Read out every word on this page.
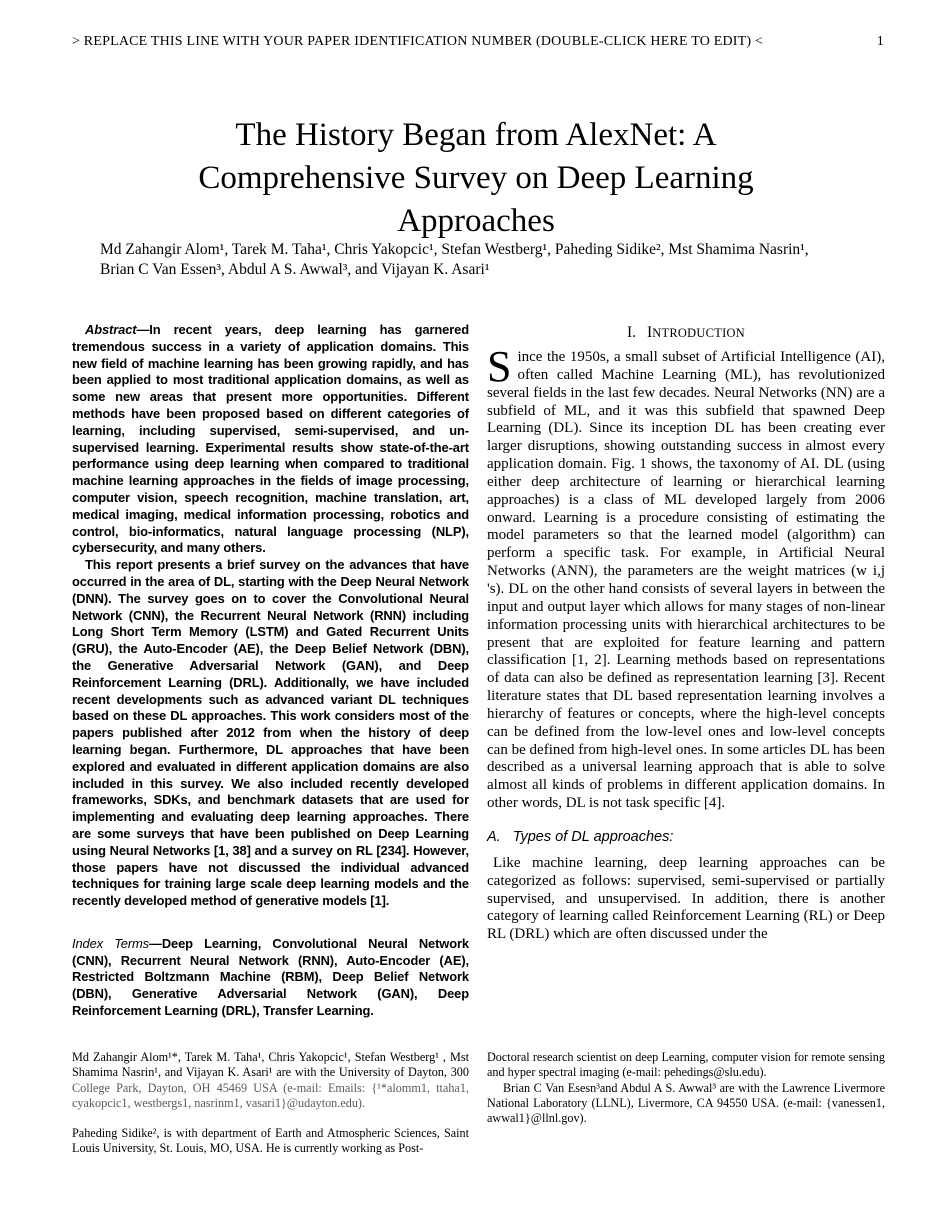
> REPLACE THIS LINE WITH YOUR PAPER IDENTIFICATION NUMBER (DOUBLE-CLICK HERE TO EDIT) <	1
The History Began from AlexNet: A Comprehensive Survey on Deep Learning Approaches
Md Zahangir Alom¹, Tarek M. Taha¹, Chris Yakopcic¹, Stefan Westberg¹, Paheding Sidike², Mst Shamima Nasrin¹,
Brian C Van Essen³, Abdul A S. Awwal³, and Vijayan K. Asari¹

Abstract—In recent years, deep learning has garnered tremendous success in a variety of application domains. This new field of machine learning has been growing rapidly, and has been applied to most traditional application domains, as well as some new areas that present more opportunities. Different methods have been proposed based on different categories of learning, including supervised, semi-supervised, and un-supervised learning. Experimental results show state-of-the-art performance using deep learning when compared to traditional machine learning approaches in the fields of image processing, computer vision, speech recognition, machine translation, art, medical imaging, medical information processing, robotics and control, bio-informatics, natural language processing (NLP), cybersecurity, and many others.

This report presents a brief survey on the advances that have occurred in the area of DL, starting with the Deep Neural Network (DNN). The survey goes on to cover the Convolutional Neural Network (CNN), the Recurrent Neural Network (RNN) including Long Short Term Memory (LSTM) and Gated Recurrent Units (GRU), the Auto-Encoder (AE), the Deep Belief Network (DBN), the Generative Adversarial Network (GAN), and Deep Reinforcement Learning (DRL). Additionally, we have included recent developments such as advanced variant DL techniques based on these DL approaches. This work considers most of the papers published after 2012 from when the history of deep learning began. Furthermore, DL approaches that have been explored and evaluated in different application domains are also included in this survey. We also included recently developed frameworks, SDKs, and benchmark datasets that are used for implementing and evaluating deep learning approaches. There are some surveys that have been published on Deep Learning using Neural Networks [1, 38] and a survey on RL [234]. However, those papers have not discussed the individual advanced techniques for training large scale deep learning models and the recently developed method of generative models [1].

Index Terms—Deep Learning, Convolutional Neural Network (CNN), Recurrent Neural Network (RNN), Auto-Encoder (AE), Restricted Boltzmann Machine (RBM), Deep Belief Network (DBN), Generative Adversarial Network (GAN), Deep Reinforcement Learning (DRL), Transfer Learning.
I. INTRODUCTION

Since the 1950s, a small subset of Artificial Intelligence (AI), often called Machine Learning (ML), has revolutionized several fields in the last few decades. Neural Networks (NN) are a subfield of ML, and it was this subfield that spawned Deep Learning (DL). Since its inception DL has been creating ever larger disruptions, showing outstanding success in almost every application domain. Fig. 1 shows, the taxonomy of AI. DL (using either deep architecture of learning or hierarchical learning approaches) is a class of ML developed largely from 2006 onward. Learning is a procedure consisting of estimating the model parameters so that the learned model (algorithm) can perform a specific task. For example, in Artificial Neural Networks (ANN), the parameters are the weight matrices (w i,j 's). DL on the other hand consists of several layers in between the input and output layer which allows for many stages of non-linear information processing units with hierarchical architectures to be present that are exploited for feature learning and pattern classification [1, 2]. Learning methods based on representations of data can also be defined as representation learning [3]. Recent literature states that DL based representation learning involves a hierarchy of features or concepts, where the high-level concepts can be defined from the low-level ones and low-level concepts can be defined from high-level ones. In some articles DL has been described as a universal learning approach that is able to solve almost all kinds of problems in different application domains. In other words, DL is not task specific [4].

A. Types of DL approaches:

Like machine learning, deep learning approaches can be categorized as follows: supervised, semi-supervised or partially supervised, and unsupervised. In addition, there is another category of learning called Reinforcement Learning (RL) or Deep RL (DRL) which are often discussed under the

Md Zahangir Alom¹*, Tarek M. Taha¹, Chris Yakopcic¹, Stefan Westberg¹ , Mst Shamima Nasrin¹, and Vijayan K. Asari¹ are with the University of Dayton, 300 College Park, Dayton, OH 45469 USA (e-mail: Emails: {¹*alomm1, ttaha1, cyakopcic1, westbergs1, nasrinm1, vasari1}@udayton.edu).

Paheding Sidike², is with department of Earth and Atmospheric Sciences, Saint Louis University, St. Louis, MO, USA. He is currently working as Post-

Doctoral research scientist on deep Learning, computer vision for remote sensing and hyper spectral imaging (e-mail: pehedings@slu.edu).

Brian C Van Esesn³and Abdul A S. Awwal³ are with the Lawrence Livermore National Laboratory (LLNL), Livermore, CA 94550 USA. (e-mail: {vanessen1, awwal1}@llnl.gov).
